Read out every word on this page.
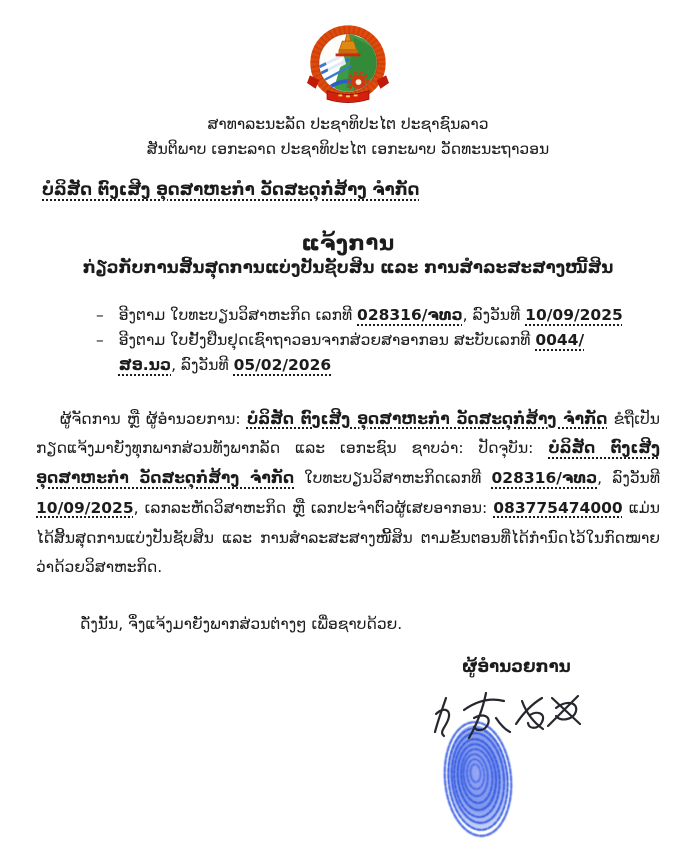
ສາທາລະນະລັດ ປະຊາທິປະໄຕ ປະຊາຊົນລາວ
ສັນຕິພາບ ເອກະລາດ ປະຊາທິປະໄຕ ເອກະພາບ ວັດທະນະຖາວອນ
ບໍລິສັດ ຕົງເສີງ ອຸດສາຫະກຳ ວັດສະດຸກໍ່ສ້າງ ຈຳກັດ
ແຈ້ງການ
ກ່ຽວກັບການສິ້ນສຸດການແບ່ງປັນຊັບສິນ ແລະ ການສຳລະສະສາງໜີ້ສິນ
– ອີງຕາມ ໃບທະບຽນວິສາຫະກິດ ເລກທີ 028316/ຈທວ, ລົງວັນທີ 10/09/2025
– ອີງຕາມ ໃບຢັ້ງຢືນຢຸດເຊົາຖາວອນຈາກສ່ວຍສາອາກອນ ສະບັບເລກທີ 0044/ສອ.ນວ, ລົງວັນທີ 05/02/2026

ຜູ້ຈັດການ ຫຼື ຜູ້ອຳນວຍການ: ບໍລິສັດ ຕົງເສີງ ອຸດສາຫະກຳ ວັດສະດຸກໍ່ສ້າງ ຈຳກັດ ຂໍຖືເປັນກຽດແຈ້ງມາຍັງທຸກພາກສ່ວນທັງພາກລັດ ແລະ ເອກະຊົນ ຊາບວ່າ: ປັດຈຸບັນ: ບໍລິສັດ ຕົງເສີງ ອຸດສາຫະກຳ ວັດສະດຸກໍ່ສ້າງ ຈຳກັດ ໃບທະບຽນວິສາຫະກິດເລກທີ 028316/ຈທວ, ລົງວັນທີ 10/09/2025, ເລກລະຫັດວິສາຫະກິດ ຫຼື ເລກປະຈຳຕົວຜູ້ເສຍອາກອນ: 083775474000 ແມ່ນໄດ້ສິ້ນສຸດການແບ່ງປັນຊັບສິນ ແລະ ການສຳລະສະສາງໜີ້ສິນ ຕາມຂັ້ນຕອນທີ່ໄດ້ກຳນົດໄວ້ໃນກົດໝາຍວ່າດ້ວຍວິສາຫະກິດ.

ດັ່ງນັ້ນ, ຈຶ່ງແຈ້ງມາຍັງພາກສ່ວນຕ່າງໆ ເພື່ອຊາບດ້ວຍ.

ຜູ້ອຳນວຍການ
